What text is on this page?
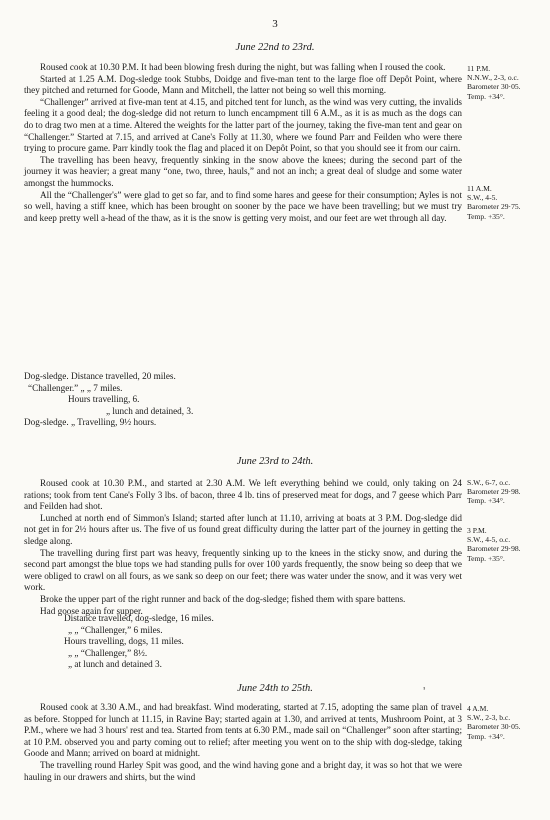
3
June 22nd to 23rd.

Roused cook at 10.30 P.M. It had been blowing fresh during the night, but was falling when I roused the cook.

Started at 1.25 A.M. Dog-sledge took Stubbs, Doidge and five-man tent to the large floe off Depôt Point, where they pitched and returned for Goode, Mann and Mitchell, the latter not being so well this morning.

“Challenger” arrived at five-man tent at 4.15, and pitched tent for lunch, as the wind was very cutting, the invalids feeling it a good deal; the dog-sledge did not return to lunch encampment till 6 A.M., as it is as much as the dogs can do to drag two men at a time. Altered the weights for the latter part of the journey, taking the five-man tent and gear on “Challenger.” Started at 7.15, and arrived at Cane's Folly at 11.30, where we found Parr and Feilden who were there trying to procure game. Parr kindly took the flag and placed it on Depôt Point, so that you should see it from our cairn.

The travelling has been heavy, frequently sinking in the snow above the knees; during the second part of the journey it was heavier; a great many “one, two, three, hauls,” and not an inch; a great deal of sludge and some water amongst the hummocks.

All the “Challenger's” were glad to get so far, and to find some hares and geese for their consumption; Ayles is not so well, having a stiff knee, which has been brought on sooner by the pace we have been travelling; but we must try and keep pretty well a-head of the thaw, as it is the snow is getting very moist, and our feet are wet through all day.

Dog-sledge. Distance travelled, 20 miles.
“Challenger.” „ „ 7 miles.
Hours travelling, 6.
„ lunch and detained, 3.
Dog-sledge. „ Travelling, 9½ hours.
11 P.M.
N.N.W., 2-3, o.c.
Barometer 30·05.
Temp. +34°.
11 A.M.
S.W., 4-5.
Barometer 29·75.
Temp. +35°.
June 23rd to 24th.

Roused cook at 10.30 P.M., and started at 2.30 A.M. We left everything behind we could, only taking on 24 rations; took from tent Cane's Folly 3 lbs. of bacon, three 4 lb. tins of preserved meat for dogs, and 7 geese which Parr and Feilden had shot.

Lunched at north end of Simmon's Island; started after lunch at 11.10, arriving at boats at 3 P.M. Dog-sledge did not get in for 2½ hours after us. The five of us found great difficulty during the latter part of the journey in getting the sledge along.

The travelling during first part was heavy, frequently sinking up to the knees in the sticky snow, and during the second part amongst the blue tops we had standing pulls for over 100 yards frequently, the snow being so deep that we were obliged to crawl on all fours, as we sank so deep on our feet; there was water under the snow, and it was very wet work.

Broke the upper part of the right runner and back of the dog-sledge; fished them with spare battens.

Had goose again for supper.

Distance travelled, dog-sledge, 16 miles.
„ „ “Challenger,” 6 miles.
Hours travelling, dogs, 11 miles.
„ „ “Challenger,” 8½.
„ at lunch and detained 3.
S.W., 6-7, o.c.
Barometer 29·98.
Temp. +34°.
3 P.M.
S.W., 4-5, o.c.
Barometer 29·98.
Temp. +35°.
June 24th to 25th.	ᶟ

Roused cook at 3.30 A.M., and had breakfast. Wind moderating, started at 7.15, adopting the same plan of travel as before. Stopped for lunch at 11.15, in Ravine Bay; started again at 1.30, and arrived at tents, Mushroom Point, at 3 P.M., where we had 3 hours' rest and tea. Started from tents at 6.30 P.M., made sail on “Challenger” soon after starting; at 10 P.M. observed you and party coming out to relief; after meeting you went on to the ship with dog-sledge, taking Goode and Mann; arrived on board at midnight.

The travelling round Harley Spit was good, and the wind having gone and a bright day, it was so hot that we were hauling in our drawers and shirts, but the wind

4 A.M.
S.W., 2-3, b.c.
Barometer 30·05.
Temp. +34°.
